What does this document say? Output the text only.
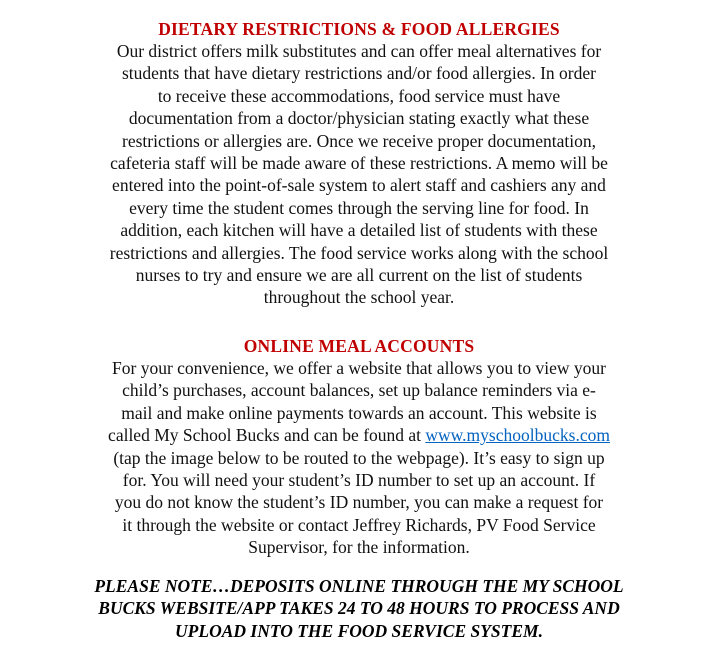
DIETARY RESTRICTIONS & FOOD ALLERGIES
Our district offers milk substitutes and can offer meal alternatives for
students that have dietary restrictions and/or food allergies. In order
to receive these accommodations, food service must have
documentation from a doctor/physician stating exactly what these
restrictions or allergies are. Once we receive proper documentation,
cafeteria staff will be made aware of these restrictions. A memo will be
entered into the point-of-sale system to alert staff and cashiers any and
every time the student comes through the serving line for food. In
addition, each kitchen will have a detailed list of students with these
restrictions and allergies. The food service works along with the school
nurses to try and ensure we are all current on the list of students
throughout the school year.
ONLINE MEAL ACCOUNTS
For your convenience, we offer a website that allows you to view your
child’s purchases, account balances, set up balance reminders via e-
mail and make online payments towards an account. This website is
called My School Bucks and can be found at www.myschoolbucks.com
(tap the image below to be routed to the webpage). It’s easy to sign up
for. You will need your student’s ID number to set up an account. If
you do not know the student’s ID number, you can make a request for
it through the website or contact Jeffrey Richards, PV Food Service
Supervisor, for the information.
PLEASE NOTE…DEPOSITS ONLINE THROUGH THE MY SCHOOL
BUCKS WEBSITE/APP TAKES 24 TO 48 HOURS TO PROCESS AND
UPLOAD INTO THE FOOD SERVICE SYSTEM.
